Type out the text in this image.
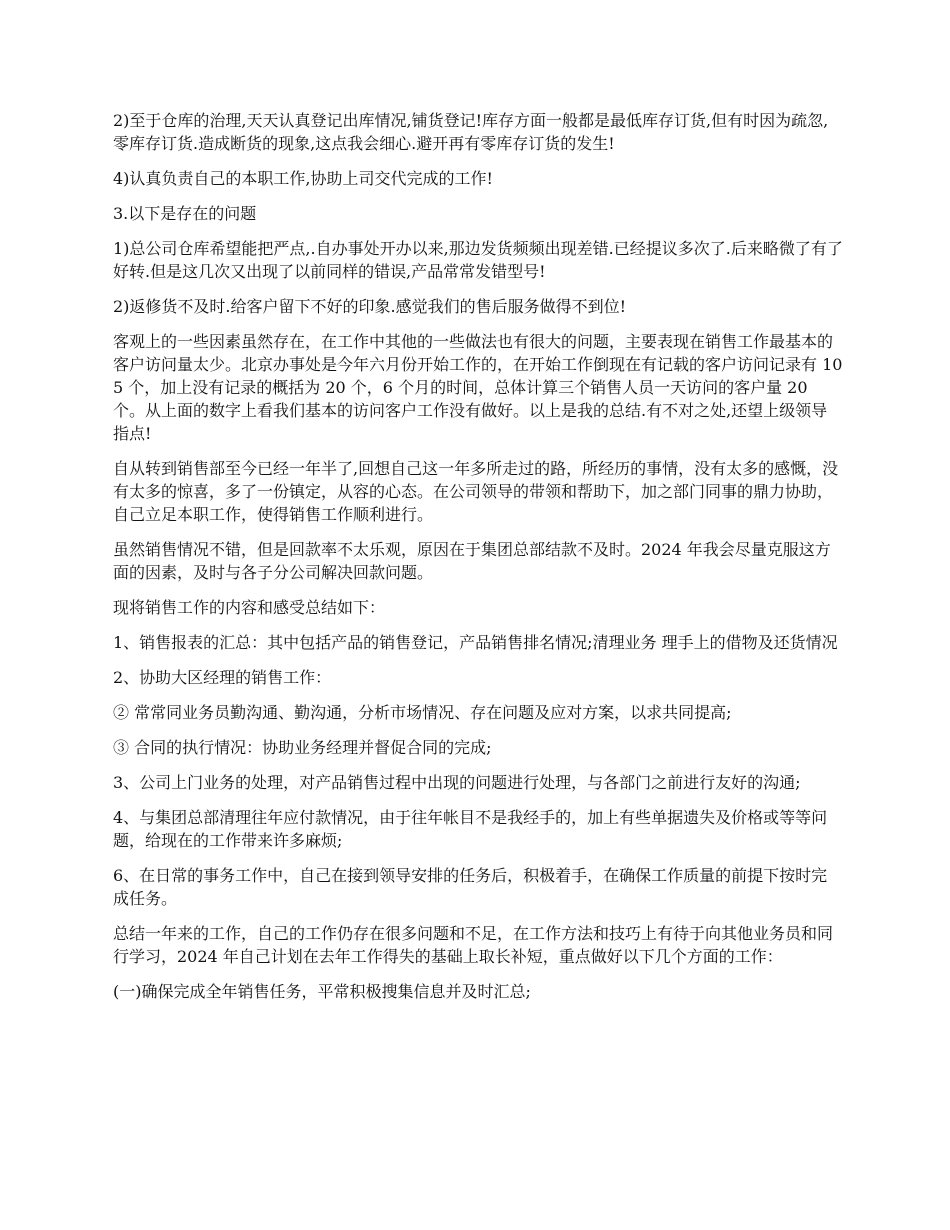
2)至于仓库的治理,天天认真登记出库情况,铺货登记!库存方面一般都是最低库存订货,但有时因为疏忽,零库存订货.造成断货的现象,这点我会细心.避开再有零库存订货的发生!

4)认真负责自己的本职工作,协助上司交代完成的工作!

3.以下是存在的问题

1)总公司仓库希望能把严点,.自办事处开办以来,那边发货频频出现差错.已经提议多次了.后来略微了有了好转.但是这几次又出现了以前同样的错误,产品常常发错型号!

2)返修货不及时.给客户留下不好的印象.感觉我们的售后服务做得不到位!

客观上的一些因素虽然存在，在工作中其他的一些做法也有很大的问题，主要表现在销售工作最基本的客户访问量太少。北京办事处是今年六月份开始工作的，在开始工作倒现在有记载的客户访问记录有 105 个，加上没有记录的概括为 20 个，6 个月的时间，总体计算三个销售人员一天访问的客户量 20 个。从上面的数字上看我们基本的访问客户工作没有做好。以上是我的总结.有不对之处,还望上级领导指点!

自从转到销售部至今已经一年半了,回想自己这一年多所走过的路，所经历的事情，没有太多的感慨，没有太多的惊喜，多了一份镇定，从容的心态。在公司领导的带领和帮助下，加之部门同事的鼎力协助，自己立足本职工作，使得销售工作顺利进行。

虽然销售情况不错，但是回款率不太乐观，原因在于集团总部结款不及时。2024 年我会尽量克服这方面的因素，及时与各子分公司解决回款问题。

现将销售工作的内容和感受总结如下：

1、销售报表的汇总：其中包括产品的销售登记，产品销售排名情况;清理业务 理手上的借物及还货情况

2、协助大区经理的销售工作：

② 常常同业务员勤沟通、勤沟通，分析市场情况、存在问题及应对方案，以求共同提高;

③ 合同的执行情况：协助业务经理并督促合同的完成;

3、公司上门业务的处理，对产品销售过程中出现的问题进行处理，与各部门之前进行友好的沟通;

4、与集团总部清理往年应付款情况，由于往年帐目不是我经手的，加上有些单据遗失及价格或等等问题，给现在的工作带来许多麻烦;

6、在日常的事务工作中，自己在接到领导安排的任务后，积极着手，在确保工作质量的前提下按时完成任务。

总结一年来的工作，自己的工作仍存在很多问题和不足，在工作方法和技巧上有待于向其他业务员和同行学习，2024 年自己计划在去年工作得失的基础上取长补短，重点做好以下几个方面的工作：

(一)确保完成全年销售任务，平常积极搜集信息并及时汇总;
